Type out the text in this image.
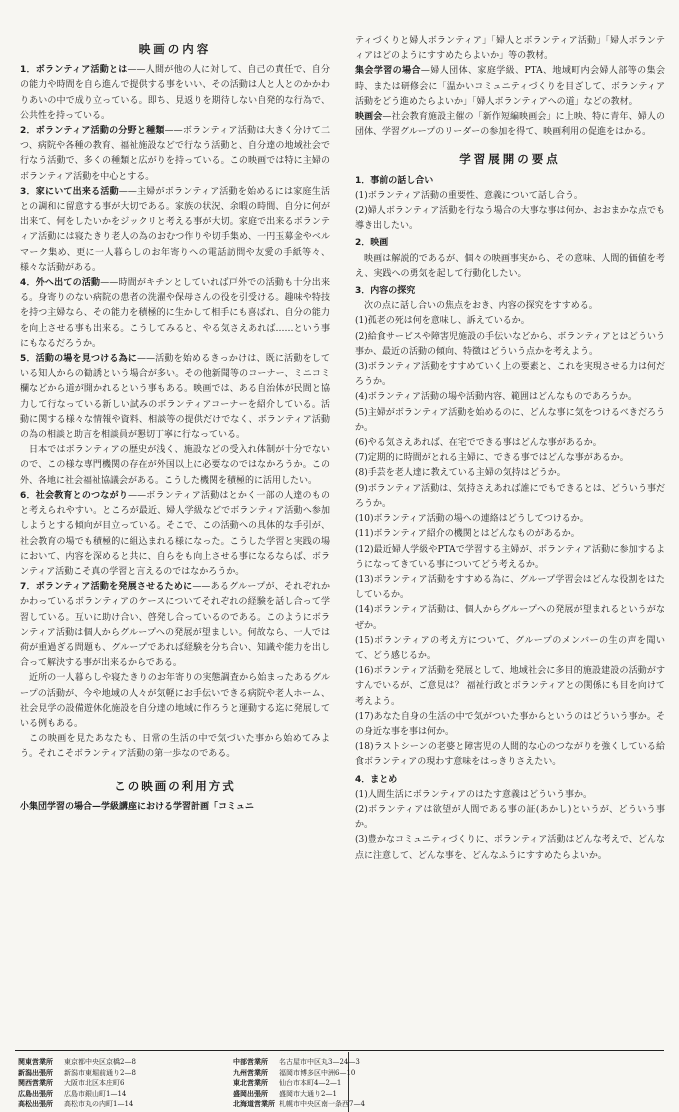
映画の内容

1．ボランティア活動とは——人間が他の人に対して、自己の責任で、自分の能力や時間を自ら進んで提供する事をいい、その活動は人と人とのかかわりあいの中で成り立っている。即ち、見返りを期待しない自発的な行為で、公共性を持っている。

2．ボランティア活動の分野と種類——ボランティア活動は大きく分けて二つ、病院や各種の教育、福祉施設などで行なう活動と、自分達の地域社会で行なう活動で、多くの種類と広がりを持っている。この映画では特に主婦のボランティア活動を中心とする。

3．家にいて出来る活動——主婦がボランティア活動を始めるには家庭生活との調和に留意する事が大切である。家族の状況、余暇の時間、自分に何が出来て、何をしたいかをジックリと考える事が大切。家庭で出来るボランティア活動には寝たきり老人の為のおむつ作りや切手集め、一円玉募金やベルマーク集め、更に一人暮らしのお年寄りへの電話訪問や友愛の手紙等々、様々な活動がある。

4．外へ出ての活動——時間がキチンとしていれば戸外での活動も十分出来る。身寄りのない病院の患者の洗濯や保母さんの役を引受ける。趣味や特技を持つ主婦なら、その能力を積極的に生かして相手にも喜ばれ、自分の能力を向上させる事も出来る。こうしてみると、やる気さえあれば……という事にもなるだろうか。

5．活動の場を見つける為に——活動を始めるきっかけは、既に活動をしている知人からの勧誘という場合が多い。その他新聞等のコーナー、ミニコミ欄などから道が開かれるという事もある。映画では、ある自治体が民間と協力して行なっている新しい試みのボランティアコーナーを紹介している。活動に関する様々な情報や資料、相談等の提供だけでなく、ボランティア活動の為の相談と助言を相談員が懇切丁寧に行なっている。

日本ではボランティアの歴史が浅く、施設などの受入れ体制が十分でないので、この様な専門機関の存在が外国以上に必要なのではなかろうか。この外、各地に社会福祉協議会がある。こうした機関を積極的に活用したい。

6．社会教育とのつながり——ボランティア活動はとかく一部の人達のものと考えられやすい。ところが最近、婦人学級などでボランティア活動へ参加しようとする傾向が目立っている。そこで、この活動への具体的な手引が、社会教育の場でも積極的に組込まれる様になった。こうした学習と実践の場において、内容を深めると共に、自らをも向上させる事になるならば、ボランティア活動こそ真の学習と言えるのではなかろうか。

7．ボランティア活動を発展させるために——あるグループが、それぞれかかわっているボランティアのケースについてそれぞれの経験を話し合って学習している。互いに助け合い、啓発し合っているのである。このようにボランティア活動は個人からグループへの発展が望ましい。何故なら、一人では荷が重過ぎる問題も、グループであれば経験を分ち合い、知識や能力を出し合って解決する事が出来るからである。

近所の一人暮らしや寝たきりのお年寄りの実態調査から始まったあるグループの活動が、今や地域の人々が気軽にお手伝いできる病院や老人ホーム、社会見学の設備遊休化施設を自分達の地域に作ろうと運動する迄に発展している例もある。

この映画を見たあなたも、日常の生活の中で気づいた事から始めてみよう。それこそボランティア活動の第一歩なのである。

この映画の利用方式

小集団学習の場合—学級講座における学習計画「コミュニ

ティづくりと婦人ボランティア」「婦人とボランティア活動」「婦人ボランティアはどのようにすすめたらよいか」等の教材。

集会学習の場合—婦人団体、家庭学級、PTA、地域町内会婦人部等の集会時、または研修会に「温かいコミュニティづくりを目ざして、ボランティア活動をどう進めたらよいか」「婦人ボランティアへの道」などの教材。

映画会—社会教育施設主催の「新作短編映画会」に上映、特に青年、婦人の団体、学習グループのリーダーの参加を得て、映画利用の促進をはかる。

学習展開の要点
1．事前の話し合い

(1)ボランティア活動の重要性、意義について話し合う。

(2)婦人ボランティア活動を行なう場合の大事な事は何か、おおまかな点でも導き出したい。

2．映画

映画は解説的であるが、個々の映画事実から、その意味、人間的価値を考え、実践への勇気を起して行動化したい。

3．内容の探究

次の点に話し合いの焦点をおき、内容の探究をすすめる。

(1)孤老の死は何を意味し、訴えているか。

(2)給食サービスや障害児施設の手伝いなどから、ボランティアとはどういう事か、最近の活動の傾向、特徴はどういう点かを考えよう。

(3)ボランティア活動をすすめていく上の要素と、これを実現させる力は何だろうか。

(4)ボランティア活動の場や活動内容、範囲はどんなものであろうか。

(5)主婦がボランティア活動を始めるのに、どんな事に気をつけるべきだろうか。

(6)やる気さえあれば、在宅でできる事はどんな事があるか。

(7)定期的に時間がとれる主婦に、できる事ではどんな事があるか。

(8)手芸を老人達に教えている主婦の気持はどうか。

(9)ボランティア活動は、気持さえあれば誰にでもできるとは、どういう事だろうか。

(10)ボランティア活動の場への連絡はどうしてつけるか。

(11)ボランティア紹介の機関とはどんなものがあるか。

(12)最近婦人学級やPTAで学習する主婦が、ボランティア活動に参加するようになってきている事についてどう考えるか。

(13)ボランティア活動をすすめる為に、グループ学習会はどんな役割をはたしているか。

(14)ボランティア活動は、個人からグループへの発展が望まれるというがなぜか。

(15)ボランティアの考え方について、グループのメンバーの生の声を聞いて、どう感じるか。

(16)ボランティア活動を発展として、地域社会に多目的施設建設の活動がすすんでいるが、ご意見は？ 福祉行政とボランティアとの関係にも目を向けて考えよう。

(17)あなた自身の生活の中で気がついた事からというのはどういう事か。その身近な事を事は何か。

(18)ラストシーンの老婆と障害児の人間的な心のつながりを強くしている給食ボランティアの現わす意味をはっきりさえたい。

4．まとめ

(1)人間生活にボランティアのはたす意義はどういう事か。

(2)ボランティアは欲望が人間である事の証(あかし)というが、どういう事か。

(3)豊かなコミュニティづくりに、ボランティア活動はどんな考えで、どんな点に注意して、どんな事を、どんなふうにすすめたらよいか。

関東営業所	東京都中央区京橋2—8
新潟出張所	新潟市東堀前通り2—8
関西営業所	大阪市北区本庄町6
広島出張所	広島市銀山町1—14
高松出張所	高松市丸の内町1—14
中部営業所	名古屋市中区丸3—24—3
九州営業所	福岡市博多区中洲6—10
東北営業所	仙台市本町4—2—1
盛岡出張所	盛岡市大通り2—1
北海道営業所 札幌市中央区南一条西7—4
